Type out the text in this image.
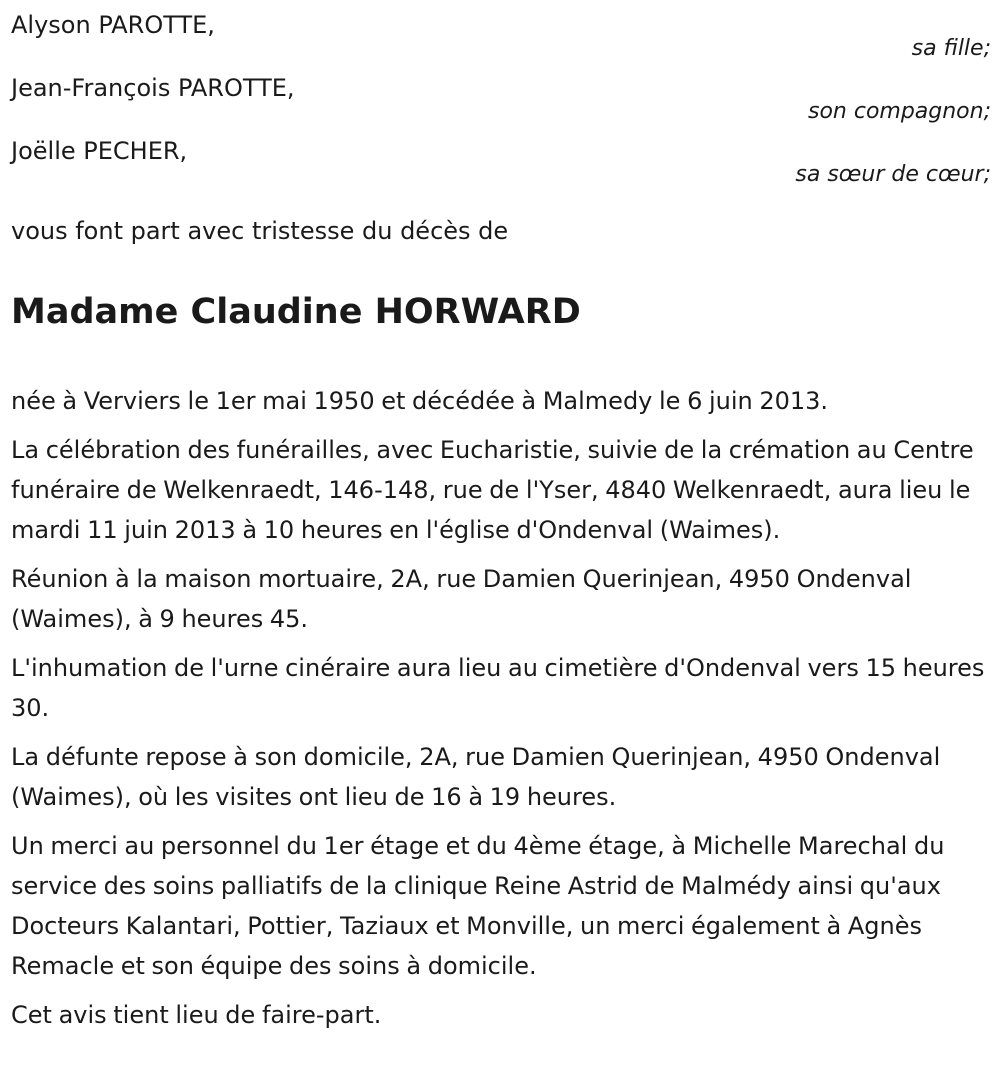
Alyson PAROTTE,
sa fille;
Jean-François PAROTTE,
son compagnon;
Joëlle PECHER,
sa sœur de cœur;
vous font part avec tristesse du décès de
Madame Claudine HORWARD

née à Verviers le 1er mai 1950 et décédée à Malmedy le 6 juin 2013.

La célébration des funérailles, avec Eucharistie, suivie de la crémation au Centre funéraire de Welkenraedt, 146-148, rue de l'Yser, 4840 Welkenraedt, aura lieu le mardi 11 juin 2013 à 10 heures en l'église d'Ondenval (Waimes).

Réunion à la maison mortuaire, 2A, rue Damien Querinjean, 4950 Ondenval (Waimes), à 9 heures 45.

L'inhumation de l'urne cinéraire aura lieu au cimetière d'Ondenval vers 15 heures 30.

La défunte repose à son domicile, 2A, rue Damien Querinjean, 4950 Ondenval (Waimes), où les visites ont lieu de 16 à 19 heures.

Un merci au personnel du 1er étage et du 4ème étage, à Michelle Marechal du service des soins palliatifs de la clinique Reine Astrid de Malmédy ainsi qu'aux Docteurs Kalantari, Pottier, Taziaux et Monville, un merci également à Agnès Remacle et son équipe des soins à domicile.

Cet avis tient lieu de faire-part.
